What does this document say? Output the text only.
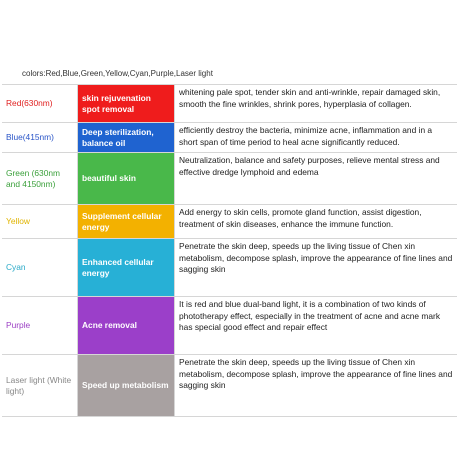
colors:Red,Blue,Green,Yellow,Cyan,Purple,Laser light
Red(630nm)
skin rejuvenation spot removal
whitening pale spot, tender skin and anti-wrinkle, repair damaged skin, smooth the fine wrinkles, shrink pores, hyperplasia of collagen.
Blue(415nm)
Deep sterilization, balance oil
efficiently destroy the bacteria, minimize acne, inflammation and in a short span of time period to heal acne significantly reduced.
Green (630nm and 4150nm)
beautiful skin
Neutralization, balance and safety purposes, relieve mental stress and effective dredge lymphoid and edema
Yellow
Supplement cellular energy
Add energy to skin cells, promote gland function, assist digestion, treatment of skin diseases, enhance the immune function.
Cyan
Enhanced cellular energy
Penetrate the skin deep, speeds up the living tissue of Chen xin metabolism, decompose splash, improve the appearance of fine lines and sagging skin
Purple	Acne removal
It is red and blue dual-band light, it is a combination of two kinds of phototherapy effect, especially in the treatment of acne and acne mark has special good effect and repair effect
Laser light (White light)
Speed up metabolism
Penetrate the skin deep, speeds up the living tissue of Chen xin metabolism, decompose splash, improve the appearance of fine lines and sagging skin
